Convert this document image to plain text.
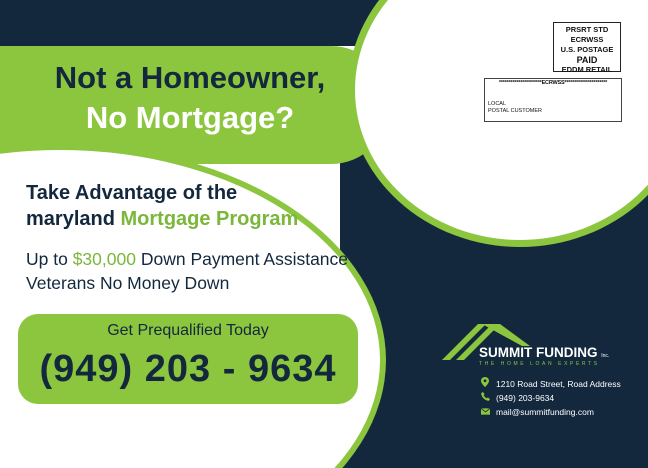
Not a Homeowner,
No Mortgage?
Take Advantage of the
maryland Mortgage Program
Up to $30,000 Down Payment Assistance Veterans No Money Down
Get Prequalified Today
(949) 203 - 9634
PRSRT STD
ECRWSS
U.S. POSTAGE
PAID
EDDM RETAIL
**********************ECRWSS**********************
LOCAL
POSTAL CUSTOMER
SUMMIT FUNDING Inc.
THE HOME LOAN EXPERTS
1210 Road Street, Road Address
(949) 203-9634
mail@summitfunding.com
